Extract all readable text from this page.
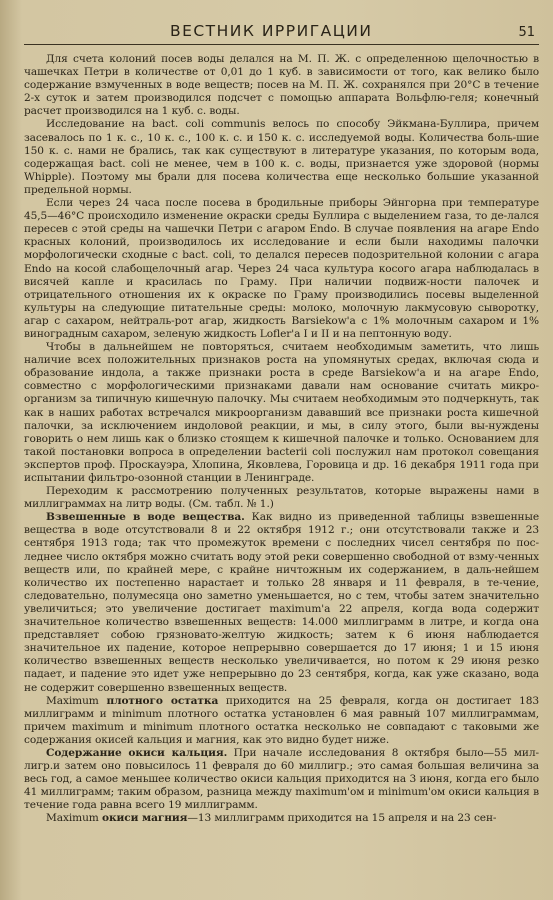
ВЕСТНИК ИРРИГАЦИИ	51

Для счета колоний посев воды делался на М. П. Ж. с определенною щелочностью в чашечках Петри в количестве от 0,01 до 1 куб. в зависимости от того, как велико было содержание взмученных в воде веществ; посев на М. П. Ж. сохранялся при 20°С в течение 2-х суток и затем производился подсчет с помощью аппарата Вольфлю-геля; конечный расчет производился на 1 куб. с. воды.

Исследование на bact. coli communis велось по способу Эйкмана-Буллира, причем засевалось по 1 к. с., 10 к. с., 100 к. с. и 150 к. с. исследуемой воды. Количества боль-шие 150 к. с. нами не брались, так как существуют в литературе указания, по которым вода, содержащая bact. coli не менее, чем в 100 к. с. воды, признается уже здоровой (нормы Whipple). Поэтому мы брали для посева количества еще несколько большие указанной предельной нормы.

Если через 24 часа после посева в бродильные приборы Эйнгорна при температуре 45,5—46°С происходило изменение окраски среды Буллира с выделением газа, то де-лался пересев с этой среды на чашечки Петри с агаром Endo. В случае появления на агаре Endo красных колоний, производилось их исследование и если были находимы палочки морфологически сходные с bact. coli, то делался пересев подозрительной колонии с агара Endo на косой слабощелочный агар. Через 24 часа культура косого агара наблюдалась в висячей капле и красилась по Граму. При наличии подвиж-ности палочек и отрицательного отношения их к окраске по Граму производились посевы выделенной культуры на следующие питательные среды: молоко, молочную лакмусовую сыворотку, агар с сахаром, нейтраль-рот агар, жидкость Barsiekow'a с 1% молочным сахаром и 1% виноградным сахаром, зеленую жидкость Lofler'a I и II и на пептонную воду.

Чтобы в дальнейшем не повторяться, считаем необходимым заметить, что лишь наличие всех положительных признаков роста на упомянутых средах, включая сюда и образование индола, а также признаки роста в среде Barsiekow'a и на агаре Endo, совместно с морфологическими признаками давали нам основание считать микро-организм за типичную кишечную палочку. Мы считаем необходимым это подчеркнуть, так как в наших работах встречался микроорганизм дававший все признаки роста кишечной палочки, за исключением индоловой реакции, и мы, в силу этого, были вы-нуждены говорить о нем лишь как о близко стоящем к кишечной палочке и только. Основанием для такой постановки вопроса в определении bacterii coli послужил нам протокол совещания экспертов проф. Проскауэра, Хлопина, Яковлева, Горовица и др. 16 декабря 1911 года при испытании фильтро-озонной станции в Ленинграде.

Переходим к рассмотрению полученных результатов, которые выражены нами в миллиграммах на литр воды. (См. табл. № 1.)

Взвешенные в воде вещества. Как видно из приведенной таблицы взвешенные вещества в воде отсутствовали 8 и 22 октября 1912 г.; они отсутствовали также и 23 сентября 1913 года; так что промежуток времени с последних чисел сентября по пос-леднее число октября можно считать воду этой реки совершенно свободной от взму-ченных веществ или, по крайней мере, с крайне ничтожным их содержанием, в даль-нейшем количество их постепенно нарастает и только 28 января и 11 февраля, в те-чение, следовательно, полумесяца оно заметно уменьшается, но с тем, чтобы затем значительно увеличиться; это увеличение достигает maximum'a 22 апреля, когда вода содержит значительное количество взвешенных веществ: 14.000 миллиграмм в литре, и когда она представляет собою грязновато-желтую жидкость; затем к 6 июня наблюдается значительное их падение, которое непрерывно совершается до 17 июня; 1 и 15 июня количество взвешенных веществ несколько увеличивается, но потом к 29 июня резко падает, и падение это идет уже непрерывно до 23 сентября, когда, как уже сказано, вода не содержит совершенно взвешенных веществ.

Maximum плотного остатка приходится на 25 февраля, когда он достигает 183 миллиграмм и minimum плотного остатка установлен 6 мая равный 107 миллиграммам, причем maximum и minimum плотного остатка несколько не совпадают с таковыми же содержания окисей кальция и магния, как это видно будет ниже.

Содержание окиси кальция. При начале исследования 8 октября было—55 мил-лигр.и затем оно повысилось 11 февраля до 60 миллигр.; это самая большая величина за весь год, а самое меньшее количество окиси кальция приходится на 3 июня, когда его было 41 миллиграмм; таким образом, разница между maximum'ом и minimum'ом окиси кальция в течение года равна всего 19 миллиграмм.

Maximum окиси магния—13 миллиграмм приходится на 15 апреля и на 23 сен-
